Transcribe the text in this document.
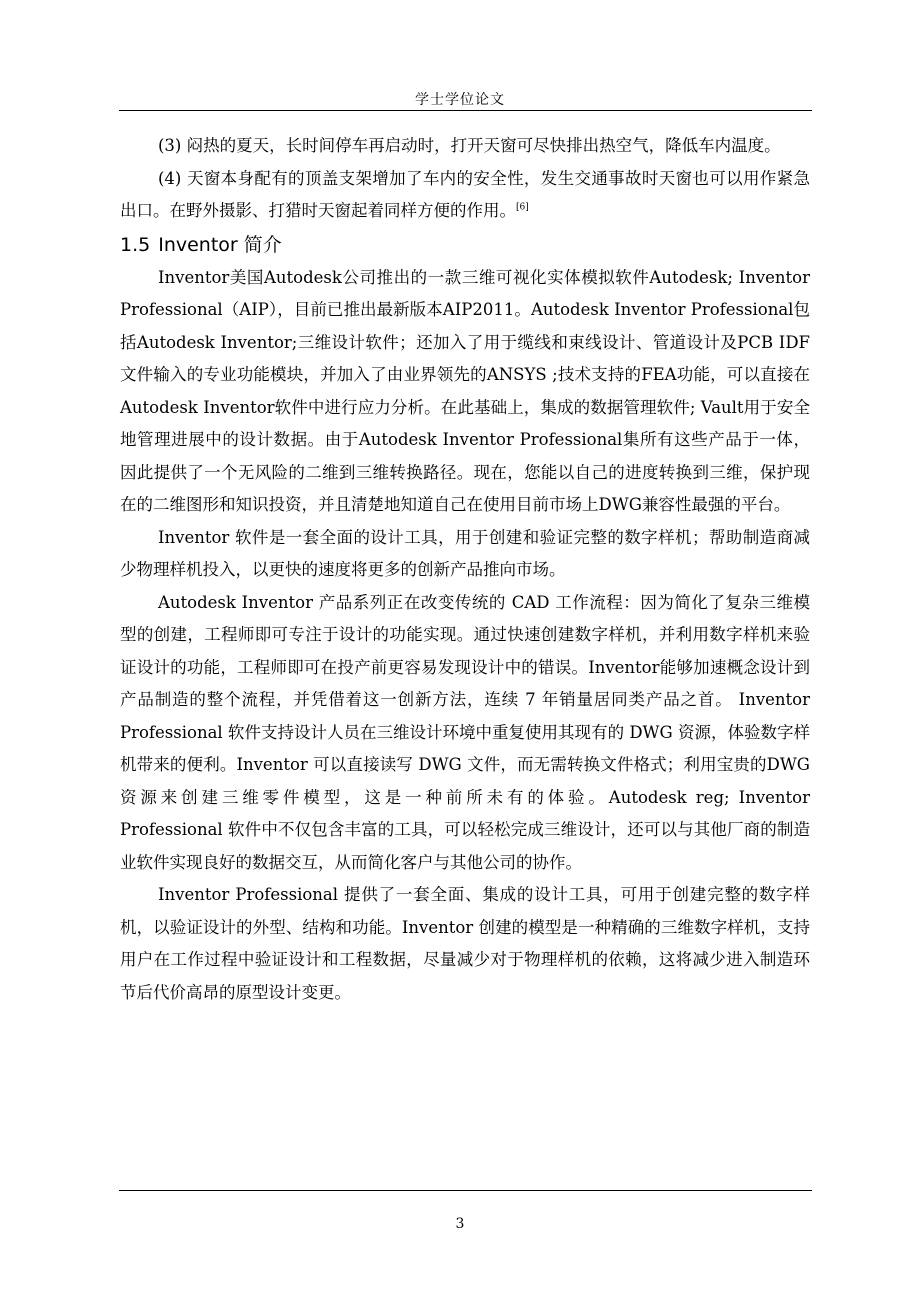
学士学位论文

(3) 闷热的夏天，长时间停车再启动时，打开天窗可尽快排出热空气，降低车内温度。

(4) 天窗本身配有的顶盖支架增加了车内的安全性，发生交通事故时天窗也可以用作紧急出口。在野外摄影、打猎时天窗起着同样方便的作用。[6]

1.5 Inventor 简介

Inventor美国Autodesk公司推出的一款三维可视化实体模拟软件Autodesk; Inventor Professional（AIP），目前已推出最新版本AIP2011。Autodesk Inventor Professional包括Autodesk Inventor;三维设计软件；还加入了用于缆线和束线设计、管道设计及PCB IDF文件输入的专业功能模块，并加入了由业界领先的ANSYS ;技术支持的FEA功能，可以直接在Autodesk Inventor软件中进行应力分析。在此基础上，集成的数据管理软件; Vault用于安全地管理进展中的设计数据。由于Autodesk Inventor Professional集所有这些产品于一体，因此提供了一个无风险的二维到三维转换路径。现在，您能以自己的进度转换到三维，保护现在的二维图形和知识投资，并且清楚地知道自己在使用目前市场上DWG兼容性最强的平台。

Inventor 软件是一套全面的设计工具，用于创建和验证完整的数字样机；帮助制造商减少物理样机投入，以更快的速度将更多的创新产品推向市场。

Autodesk Inventor 产品系列正在改变传统的 CAD 工作流程：因为简化了复杂三维模型的创建，工程师即可专注于设计的功能实现。通过快速创建数字样机，并利用数字样机来验证设计的功能，工程师即可在投产前更容易发现设计中的错误。Inventor能够加速概念设计到产品制造的整个流程，并凭借着这一创新方法，连续 7 年销量居同类产品之首。 Inventor Professional 软件支持设计人员在三维设计环境中重复使用其现有的 DWG 资源，体验数字样机带来的便利。Inventor 可以直接读写 DWG 文件，而无需转换文件格式；利用宝贵的DWG资源来创建三维零件模型，这是一种前所未有的体验。Autodesk reg; Inventor Professional 软件中不仅包含丰富的工具，可以轻松完成三维设计，还可以与其他厂商的制造业软件实现良好的数据交互，从而简化客户与其他公司的协作。

Inventor Professional 提供了一套全面、集成的设计工具，可用于创建完整的数字样机，以验证设计的外型、结构和功能。Inventor 创建的模型是一种精确的三维数字样机，支持用户在工作过程中验证设计和工程数据，尽量减少对于物理样机的依赖，这将减少进入制造环节后代价高昂的原型设计变更。

3
